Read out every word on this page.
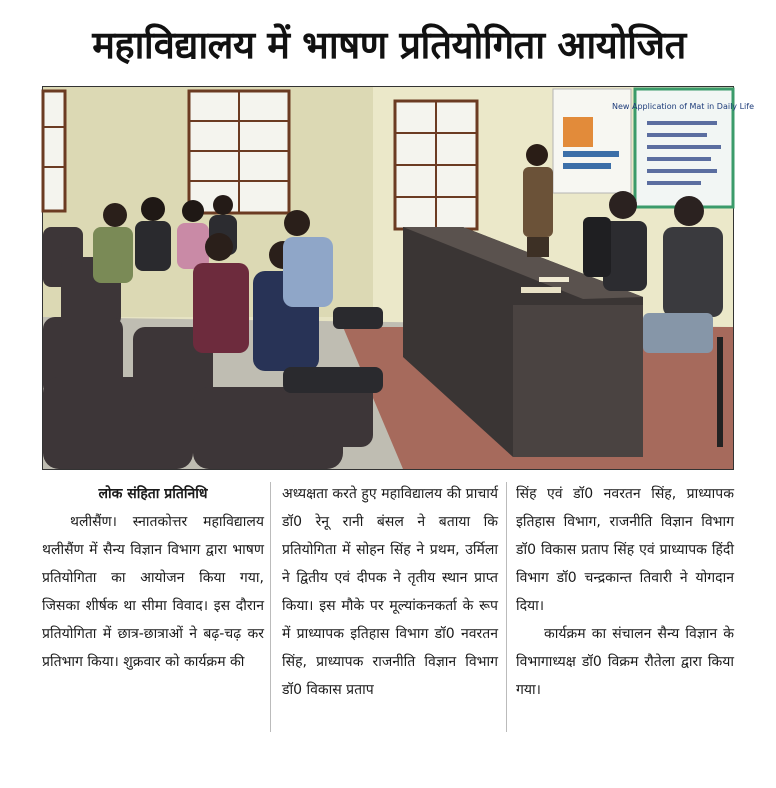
महाविद्यालय में भाषण प्रतियोगिता आयोजित
New Application of Mat in Daily Life
लोक संहिता प्रतिनिधि

थलीसैंण। स्नातकोत्तर महाविद्यालय थलीसैंण में सैन्य विज्ञान विभाग द्वारा भाषण प्रतियोगिता का आयोजन किया गया, जिसका शीर्षक था सीमा विवाद। इस दौरान प्रतियोगिता में छात्र-छात्राओं ने बढ़-चढ़ कर प्रतिभाग किया। शुक्रवार को कार्यक्रम की

अध्यक्षता करते हुए महाविद्यालय की प्राचार्य डॉ0 रेनू रानी बंसल ने बताया कि प्रतियोगिता में सोहन सिंह ने प्रथम, उर्मिला ने द्वितीय एवं दीपक ने तृतीय स्थान प्राप्त किया। इस मौके पर मूल्यांकनकर्ता के रूप में प्राध्यापक इतिहास विभाग डॉ0 नवरतन सिंह, प्राध्यापक राजनीति विज्ञान विभाग डॉ0 विकास प्रताप

सिंह एवं डॉ0 नवरतन सिंह, प्राध्यापक इतिहास विभाग, राजनीति विज्ञान विभाग डॉ0 विकास प्रताप सिंह एवं प्राध्यापक हिंदी विभाग डॉ0 चन्द्रकान्त तिवारी ने योगदान दिया।

कार्यक्रम का संचालन सैन्य विज्ञान के विभागाध्यक्ष डॉ0 विक्रम रौतेला द्वारा किया गया।
